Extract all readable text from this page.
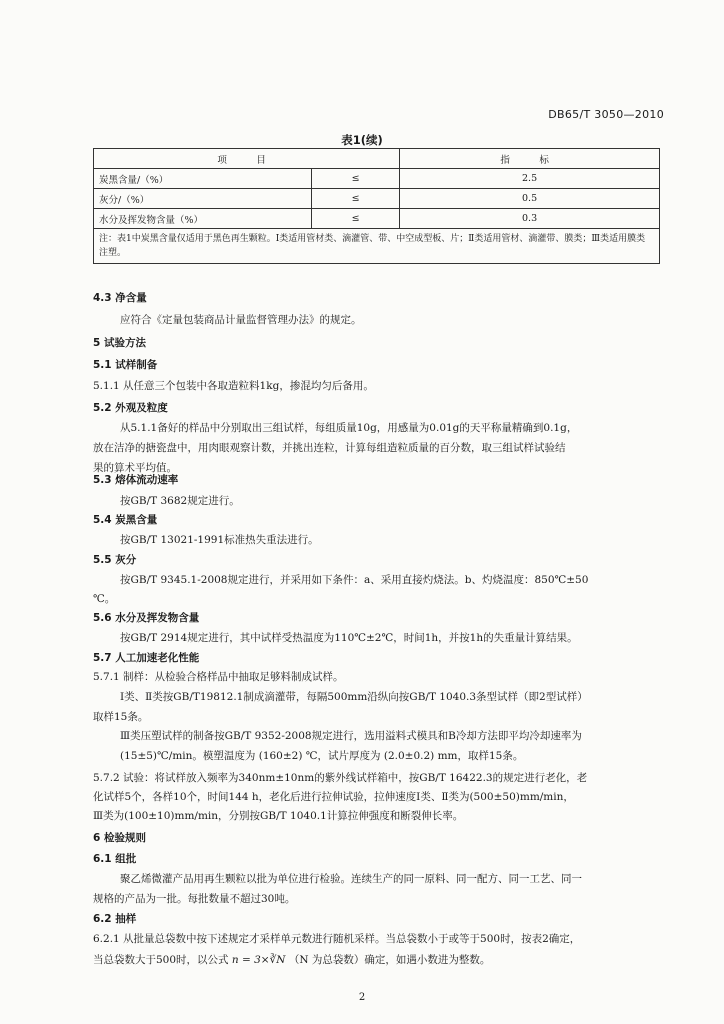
DB65/T 3050—2010
表1(续)
项　目		指　标
炭黑含量/（%）	≤	2.5
灰分/（%）	≤	0.5
水分及挥发物含量（%）	≤	0.3
注：表1中炭黑含量仅适用于黑色再生颗粒。Ⅰ类适用管材类、滴灌管、带、中空成型板、片；Ⅱ类适用管材、滴灌带、膜类；Ⅲ类适用膜类注塑。		
4.3 净含量
应符合《定量包装商品计量监督管理办法》的规定。
5 试验方法
5.1 试样制备
5.1.1 从任意三个包装中各取造粒料1kg，掺混均匀后备用。
5.2 外观及粒度
从5.1.1备好的样品中分别取出三组试样，每组质量10g，用感量为0.01g的天平称量精确到0.1g，
放在洁净的搪瓷盘中，用肉眼观察计数，并挑出连粒，计算每组造粒质量的百分数，取三组试样试验结
果的算术平均值。
5.3 熔体流动速率
按GB/T 3682规定进行。
5.4 炭黑含量
按GB/T 13021-1991标准热失重法进行。
5.5 灰分
按GB/T 9345.1-2008规定进行，并采用如下条件：a、采用直接灼烧法。b、灼烧温度：850℃±50
℃。
5.6 水分及挥发物含量
按GB/T 2914规定进行，其中试样受热温度为110℃±2℃，时间1h，并按1h的失重量计算结果。
5.7 人工加速老化性能
5.7.1 制样：从检验合格样品中抽取足够料制成试样。
Ⅰ类、Ⅱ类按GB/T19812.1制成滴灌带，每隔500mm沿纵向按GB/T 1040.3条型试样（即2型试样）
取样15条。
Ⅲ类压塑试样的制备按GB/T 9352-2008规定进行，选用溢料式模具和B冷却方法即平均冷却速率为
(15±5)℃/min。模塑温度为 (160±2) ℃，试片厚度为 (2.0±0.2) mm，取样15条。
5.7.2 试验：将试样放入频率为340nm±10nm的紫外线试样箱中，按GB/T 16422.3的规定进行老化，老
化试样5个，各样10个，时间144 h，老化后进行拉伸试验，拉伸速度Ⅰ类、Ⅱ类为(500±50)mm/min，
Ⅲ类为(100±10)mm/min，分别按GB/T 1040.1计算拉伸强度和断裂伸长率。
6 检验规则
6.1 组批
聚乙烯微灌产品用再生颗粒以批为单位进行检验。连续生产的同一原料、同一配方、同一工艺、同一
规格的产品为一批。每批数量不超过30吨。
6.2 抽样
6.2.1 从批量总袋数中按下述规定才采样单元数进行随机采样。当总袋数小于或等于500时，按表2确定，
当总袋数大于500时，以公式 n = 3×∛N （N 为总袋数）确定，如遇小数进为整数。
2
